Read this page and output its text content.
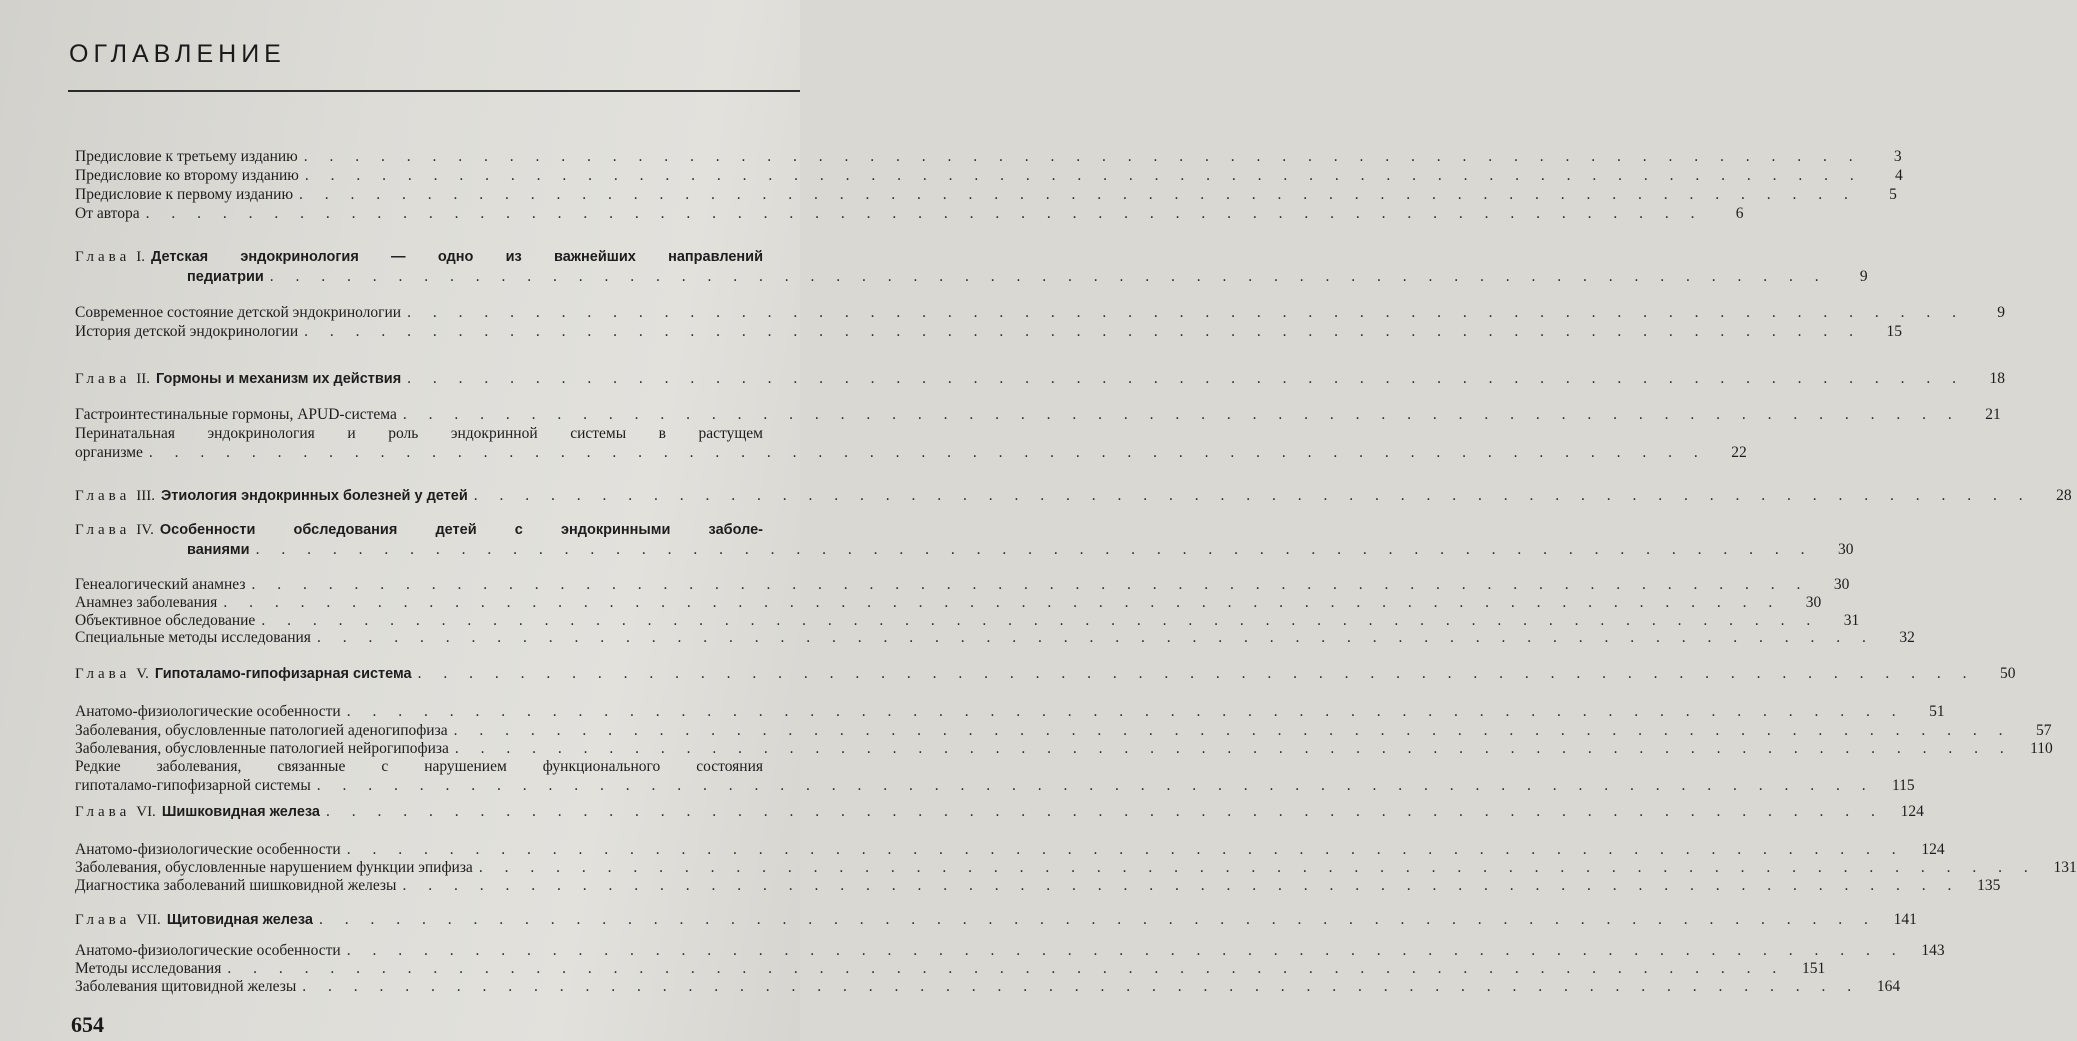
ОГЛАВЛЕНИЕ
Предисловие к третьему изданию . . . . . . . . . . . . . . . . . . . . . . . . . . . . . . . . . . . . . . . . . . . . . . . . . . . . . . . . . . . . .	3
Предисловие ко второму изданию . . . . . . . . . . . . . . . . . . . . . . . . . . . . . . . . . . . . . . . . . . . . . . . . . . . . . . . . . . . . .	4
Предисловие к первому изданию . . . . . . . . . . . . . . . . . . . . . . . . . . . . . . . . . . . . . . . . . . . . . . . . . . . . . . . . . . . . .	5
От автора . . . . . . . . . . . . . . . . . . . . . . . . . . . . . . . . . . . . . . . . . . . . . . . . . . . . . . . . . . . . .	6
Глава I. Детская эндокринология — одно из важнейших направлений
педиатрии . . . . . . . . . . . . . . . . . . . . . . . . . . . . . . . . . . . . . . . . . . . . . . . . . . . . . . . . . . . . .	9
Современное состояние детской эндокринологии . . . . . . . . . . . . . . . . . . . . . . . . . . . . . . . . . . . . . . . . . . . . . . . . . . . . . . . . . . . . .	9
История детской эндокринологии . . . . . . . . . . . . . . . . . . . . . . . . . . . . . . . . . . . . . . . . . . . . . . . . . . . . . . . . . . . . .	15
Глава II. Гормоны и механизм их действия . . . . . . . . . . . . . . . . . . . . . . . . . . . . . . . . . . . . . . . . . . . . . . . . . . . . . . . . . . . . .	18
Гастроинтестинальные гормоны, APUD-система . . . . . . . . . . . . . . . . . . . . . . . . . . . . . . . . . . . . . . . . . . . . . . . . . . . . . . . . . . . . .	21
Перинатальная эндокринология и роль эндокринной системы в растущем
организме . . . . . . . . . . . . . . . . . . . . . . . . . . . . . . . . . . . . . . . . . . . . . . . . . . . . . . . . . . . . .	22
Глава III. Этиология эндокринных болезней у детей . . . . . . . . . . . . . . . . . . . . . . . . . . . . . . . . . . . . . . . . . . . . . . . . . . . . . . . . . . . . .	28
Глава IV. Особенности обследования детей с эндокринными заболе-
ваниями . . . . . . . . . . . . . . . . . . . . . . . . . . . . . . . . . . . . . . . . . . . . . . . . . . . . . . . . . . . . .	30
Генеалогический анамнез . . . . . . . . . . . . . . . . . . . . . . . . . . . . . . . . . . . . . . . . . . . . . . . . . . . . . . . . . . . . .	30
Анамнез заболевания . . . . . . . . . . . . . . . . . . . . . . . . . . . . . . . . . . . . . . . . . . . . . . . . . . . . . . . . . . . . .	30
Объективное обследование . . . . . . . . . . . . . . . . . . . . . . . . . . . . . . . . . . . . . . . . . . . . . . . . . . . . . . . . . . . . .	31
Специальные методы исследования . . . . . . . . . . . . . . . . . . . . . . . . . . . . . . . . . . . . . . . . . . . . . . . . . . . . . . . . . . . . .	32
Глава V. Гипоталамо-гипофизарная система . . . . . . . . . . . . . . . . . . . . . . . . . . . . . . . . . . . . . . . . . . . . . . . . . . . . . . . . . . . . .	50
Анатомо-физиологические особенности . . . . . . . . . . . . . . . . . . . . . . . . . . . . . . . . . . . . . . . . . . . . . . . . . . . . . . . . . . . . .	51
Заболевания, обусловленные патологией аденогипофиза . . . . . . . . . . . . . . . . . . . . . . . . . . . . . . . . . . . . . . . . . . . . . . . . . . . . . . . . . . . . .	57
Заболевания, обусловленные патологией нейрогипофиза . . . . . . . . . . . . . . . . . . . . . . . . . . . . . . . . . . . . . . . . . . . . . . . . . . . . . . . . . . . . .	110
Редкие заболевания, связанные с нарушением функционального состояния
гипоталамо-гипофизарной системы . . . . . . . . . . . . . . . . . . . . . . . . . . . . . . . . . . . . . . . . . . . . . . . . . . . . . . . . . . . . .	115
Глава VI. Шишковидная железа . . . . . . . . . . . . . . . . . . . . . . . . . . . . . . . . . . . . . . . . . . . . . . . . . . . . . . . . . . . . .	124
Анатомо-физиологические особенности . . . . . . . . . . . . . . . . . . . . . . . . . . . . . . . . . . . . . . . . . . . . . . . . . . . . . . . . . . . . .	124
Заболевания, обусловленные нарушением функции эпифиза . . . . . . . . . . . . . . . . . . . . . . . . . . . . . . . . . . . . . . . . . . . . . . . . . . . . . . . . . . . . .	131
Диагностика заболеваний шишковидной железы . . . . . . . . . . . . . . . . . . . . . . . . . . . . . . . . . . . . . . . . . . . . . . . . . . . . . . . . . . . . .	135
Глава VII. Щитовидная железа . . . . . . . . . . . . . . . . . . . . . . . . . . . . . . . . . . . . . . . . . . . . . . . . . . . . . . . . . . . . .	141
Анатомо-физиологические особенности . . . . . . . . . . . . . . . . . . . . . . . . . . . . . . . . . . . . . . . . . . . . . . . . . . . . . . . . . . . . .	143
Методы исследования . . . . . . . . . . . . . . . . . . . . . . . . . . . . . . . . . . . . . . . . . . . . . . . . . . . . . . . . . . . . .	151
Заболевания щитовидной железы . . . . . . . . . . . . . . . . . . . . . . . . . . . . . . . . . . . . . . . . . . . . . . . . . . . . . . . . . . . . .	164
654
